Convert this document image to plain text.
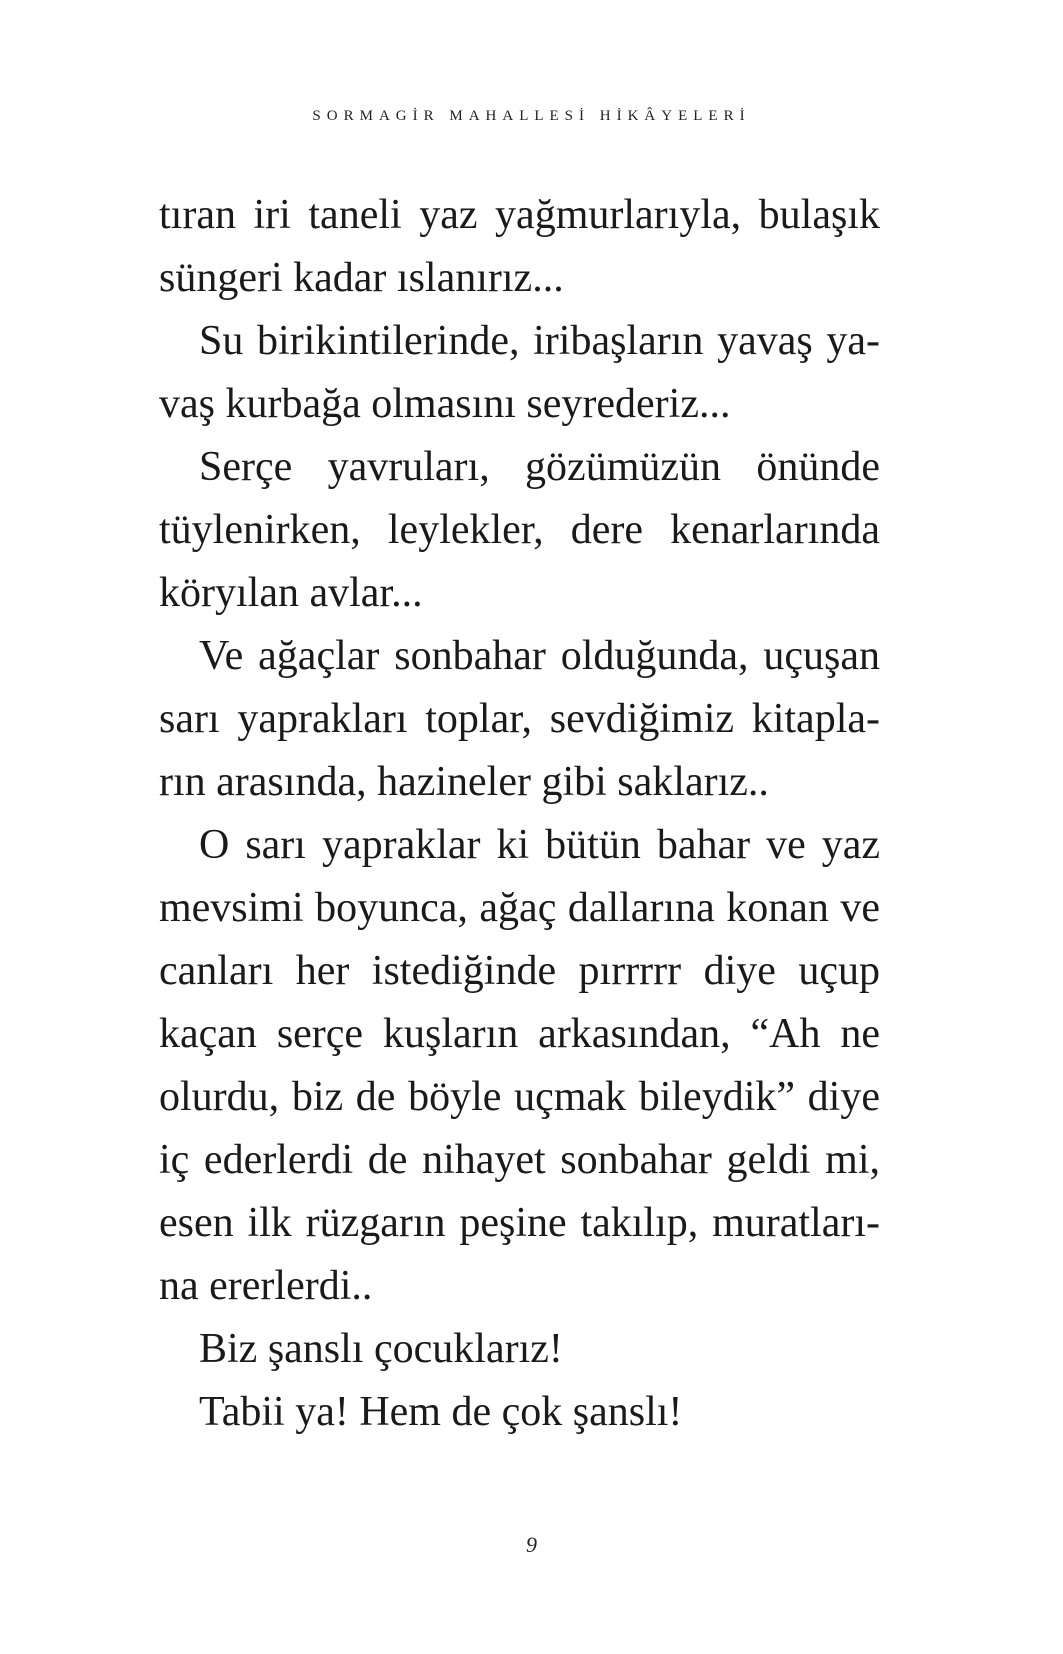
SORMAGİR MAHALLESİ HİKÂYELERİ
tıran iri taneli yaz yağmurlarıyla, bulaşık
süngeri kadar ıslanırız...
Su birikintilerinde, iribaşların yavaş ya-
vaş kurbağa olmasını seyrederiz...
Serçe yavruları, gözümüzün önünde
tüylenirken, leylekler, dere kenarlarında
köryılan avlar...
Ve ağaçlar sonbahar olduğunda, uçuşan
sarı yaprakları toplar, sevdiğimiz kitapla-
rın arasında, hazineler gibi saklarız..
O sarı yapraklar ki bütün bahar ve yaz
mevsimi boyunca, ağaç dallarına konan ve
canları her istediğinde pırrrrr diye uçup
kaçan serçe kuşların arkasından, “Ah ne
olurdu, biz de böyle uçmak bileydik” diye
iç ederlerdi de nihayet sonbahar geldi mi,
esen ilk rüzgarın peşine takılıp, muratları-
na ererlerdi..
Biz şanslı çocuklarız!
Tabii ya! Hem de çok şanslı!
9
